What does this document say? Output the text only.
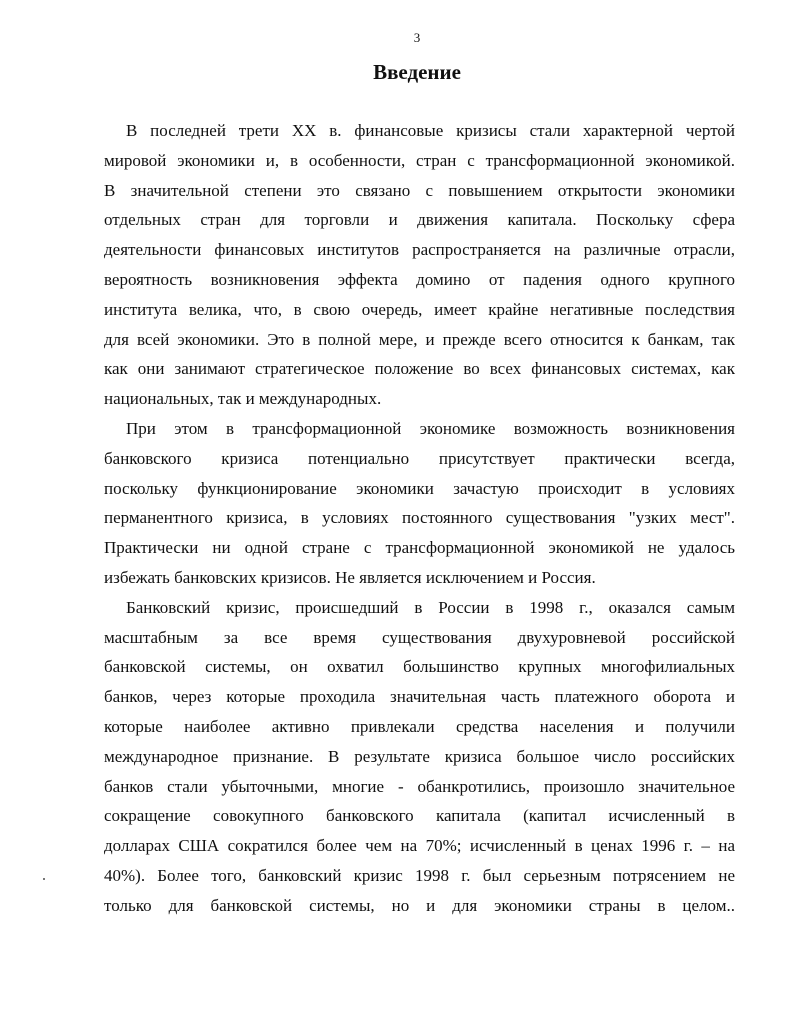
3
Введение

В последней трети XX в. финансовые кризисы стали характерной чертой
мировой экономики и, в особенности, стран с трансформационной экономикой.
В значительной степени это связано с повышением открытости экономики
отдельных стран для торговли и движения капитала. Поскольку сфера
деятельности финансовых институтов распространяется на различные отрасли,
вероятность возникновения эффекта домино от падения одного крупного
института велика, что, в свою очередь, имеет крайне негативные последствия
для всей экономики. Это в полной мере, и прежде всего относится к банкам, так
как они занимают стратегическое положение во всех финансовых системах, как
национальных, так и международных.

При этом в трансформационной экономике возможность возникновения
банковского кризиса потенциально присутствует практически всегда,
поскольку функционирование экономики зачастую происходит в условиях
перманентного кризиса, в условиях постоянного существования "узких мест".
Практически ни одной стране с трансформационной экономикой не удалось
избежать банковских кризисов. Не является исключением и Россия.

Банковский кризис, происшедший в России в 1998 г., оказался самым
масштабным за все время существования двухуровневой российской
банковской системы, он охватил большинство крупных многофилиальных
банков, через которые проходила значительная часть платежного оборота и
которые наиболее активно привлекали средства населения и получили
международное признание. В результате кризиса большое число российских
банков стали убыточными, многие - обанкротились, произошло значительное
сокращение совокупного банковского капитала (капитал исчисленный в
долларах США сократился более чем на 70%; исчисленный в ценах 1996 г. – на
40%). Более того, банковский кризис 1998 г. был серьезным потрясением не
только для банковской системы, но и для экономики страны в целом..
